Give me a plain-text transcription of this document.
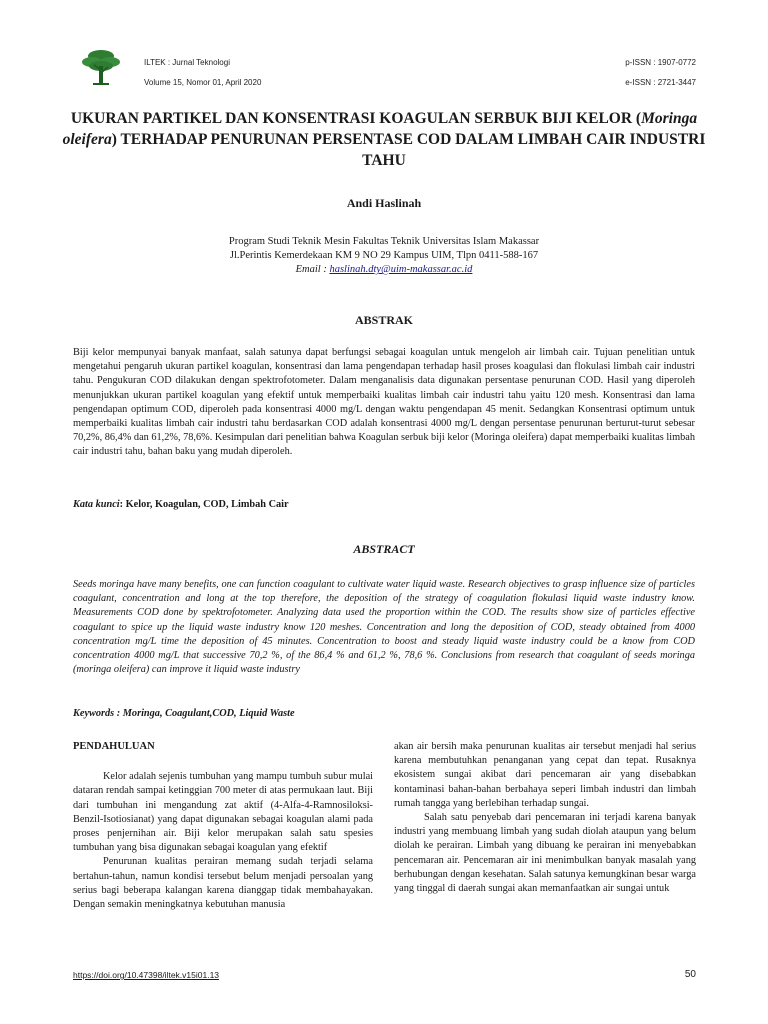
ILTEK : Jurnal Teknologi
Volume 15, Nomor 01, April 2020
p-ISSN : 1907-0772
e-ISSN : 2721-3447
UKURAN PARTIKEL DAN KONSENTRASI KOAGULAN SERBUK BIJI KELOR (Moringa oleifera) TERHADAP PENURUNAN PERSENTASE COD DALAM LIMBAH CAIR INDUSTRI TAHU
Andi Haslinah
Program Studi Teknik Mesin Fakultas Teknik Universitas Islam Makassar
Jl.Perintis Kemerdekaan KM 9 NO 29 Kampus UIM, Tlpn 0411-588-167
Email : haslinah.dty@uim-makassar.ac.id
ABSTRAK
Biji kelor mempunyai banyak manfaat, salah satunya dapat berfungsi sebagai koagulan untuk mengeloh air limbah cair. Tujuan penelitian untuk mengetahui pengaruh ukuran partikel koagulan, konsentrasi dan lama pengendapan terhadap hasil proses koagulasi dan flokulasi limbah cair industri tahu. Pengukuran COD dilakukan dengan spektrofotometer. Dalam menganalisis data digunakan persentase penurunan COD. Hasil yang diperoleh menunjukkan ukuran partikel koagulan yang efektif untuk memperbaiki kualitas limbah cair industri tahu yaitu 120 mesh. Konsentrasi dan lama pengendapan optimum COD, diperoleh pada konsentrasi 4000 mg/L dengan waktu pengendapan 45 menit. Sedangkan Konsentrasi optimum untuk memperbaiki kualitas limbah cair industri tahu berdasarkan COD adalah konsentrasi 4000 mg/L dengan persentase penurunan berturut-turut sebesar 70,2%, 86,4% dan 61,2%, 78,6%. Kesimpulan dari penelitian bahwa Koagulan serbuk biji kelor (Moringa oleifera) dapat memperbaiki kualitas limbah cair industri tahu, bahan baku yang mudah diperoleh.
Kata kunci: Kelor, Koagulan, COD, Limbah Cair
ABSTRACT
Seeds moringa have many benefits, one can function coagulant to cultivate water liquid waste. Research objectives to grasp influence size of particles coagulant, concentration and long at the top therefore, the deposition of the strategy of coagulation flokulasi liquid waste industry know. Measurements COD done by spektrofotometer. Analyzing data used the proportion within the COD. The results show size of particles effective coagulant to spice up the liquid waste industry know 120 meshes. Concentration and long the deposition of COD, steady obtained from 4000 concentration mg/L time the deposition of 45 minutes. Concentration to boost and steady liquid waste industry could be a know from COD concentration 4000 mg/L that successive 70,2 %, of the 86,4 % and 61,2 %, 78,6 %. Conclusions from research that coagulant of seeds moringa (moringa oleifera) can improve it liquid waste industry
Keywords : Moringa, Coagulant,COD, Liquid Waste
PENDAHULUAN

Kelor adalah sejenis tumbuhan yang mampu tumbuh subur mulai dataran rendah sampai ketinggian 700 meter di atas permukaan laut. Biji dari tumbuhan ini mengandung zat aktif (4-Alfa-4-Ramnosiloksi-Benzil-Isotiosianat) yang dapat digunakan sebagai koagulan alami pada proses penjernihan air. Biji kelor merupakan salah satu spesies tumbuhan yang bisa digunakan sebagai koagulan yang efektif

Penurunan kualitas perairan memang sudah terjadi selama bertahun-tahun, namun kondisi tersebut belum menjadi persoalan yang serius bagi beberapa kalangan karena dianggap tidak membahayakan. Dengan semakin meningkatnya kebutuhan manusia

akan air bersih maka penurunan kualitas air tersebut menjadi hal serius karena membutuhkan penanganan yang cepat dan tepat. Rusaknya ekosistem sungai akibat dari pencemaran air yang disebabkan kontaminasi bahan-bahan berbahaya seperi limbah industri dan limbah rumah tangga yang berlebihan terhadap sungai.

Salah satu penyebab dari pencemaran ini terjadi karena banyak industri yang membuang limbah yang sudah diolah ataupun yang belum diolah ke perairan. Limbah yang dibuang ke perairan ini menyebabkan pencemaran air. Pencemaran air ini menimbulkan banyak masalah yang berhubungan dengan kesehatan. Salah satunya kemungkinan besar warga yang tinggal di daerah sungai akan memanfaatkan air sungai untuk

https://doi.org/10.47398/iltek.v15i01.13	50
